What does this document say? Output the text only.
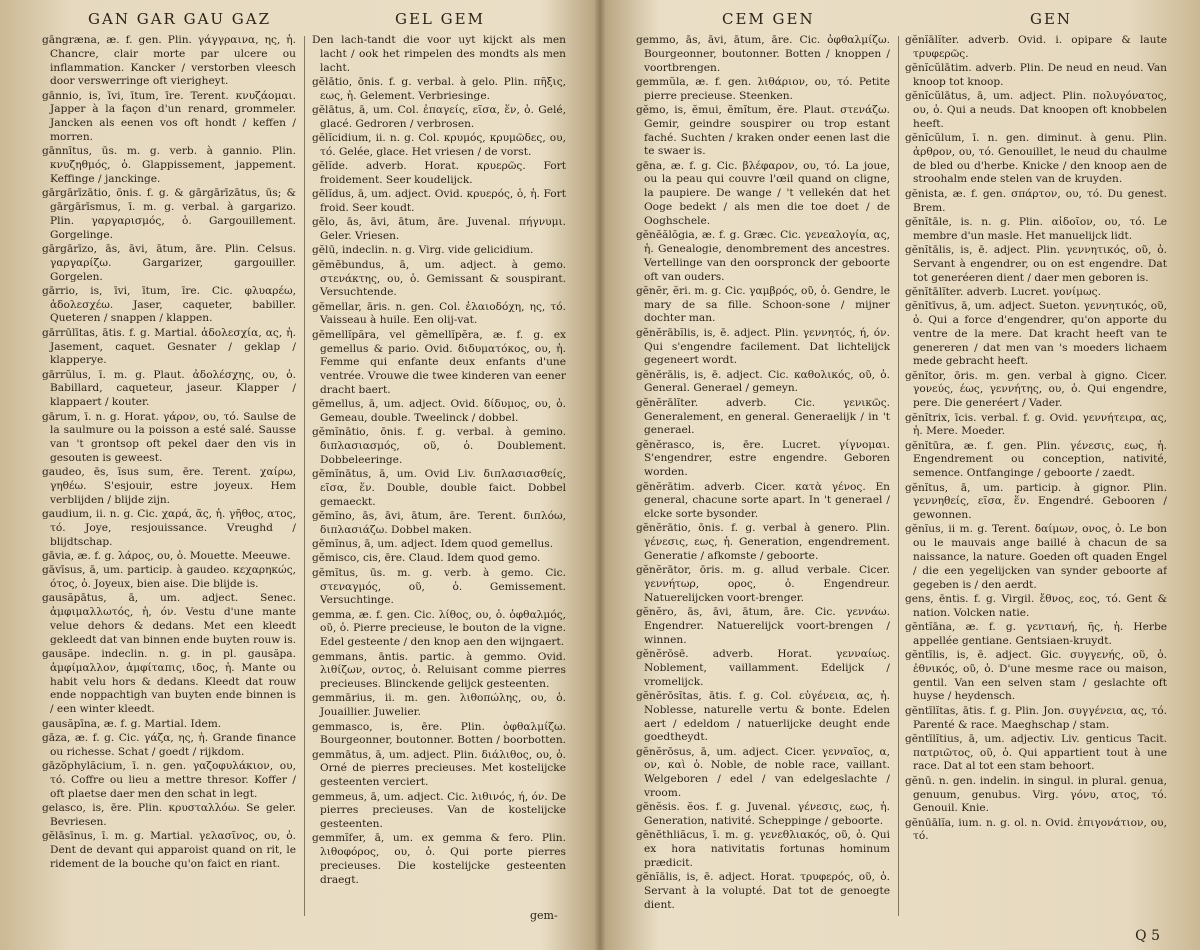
GAN GAR GAU GAZ	GEL GEM

gāngræna, æ. f. gen. Plin. γάγγραινα, ης, ἡ. Chancre, clair morte par ulcere ou inflammation. Kancker / verstorben vleesch door verswerringe oft vierigheyt.

gānnio, is, īvi, ītum, īre. Terent. κνυζάομαι. Japper à la façon d'un renard, grommeler. Jancken als eenen vos oft hondt / keffen / morren.

gānnītus, ūs. m. g. verb. à gannio. Plin. κνυζηθμός, ὁ. Glappissement, jappement. Keffinge / janckinge.

gārgārīzātio, ōnis. f. g. & gārgārīzātus, ūs; & gārgārīsmus, ī. m. g. verbal. à gargarizo. Plin. γαργαρισμός, ὁ. Gargouillement. Gorgelinge.

gārgārīzo, ās, āvi, ātum, āre. Plin. Celsus. γαργαρίζω. Gargarizer, gargouiller. Gorgelen.

gārrio, is, īvi, ītum, īre. Cic. φλυαρέω, ἀδολεσχέω. Jaser, caqueter, babiller. Queteren / snappen / klappen.

gārrūlītas, ātis. f. g. Martial. ἀδολεσχία, ας, ἡ. Jasement, caquet. Gesnater / geklap / klapperye.

gārrŭlus, ī. m. g. Plaut. ἀδολέσχης, ου, ὁ. Babillard, caqueteur, jaseur. Klapper / klappaert / kouter.

gārum, ī. n. g. Horat. γάρον, ου, τό. Saulse de la saulmure ou la poisson a esté salé. Sausse van 't grontsop oft pekel daer den vis in gesouten is geweest.

gaudeo, ēs, īsus sum, ēre. Terent. χαίρω, γηθέω. S'esjouir, estre joyeux. Hem verblijden / blijde zijn.

gaudium, ii. n. g. Cic. χαρά, ᾶς, ἡ. γῆθος, ατος, τό. Joye, resjouissance. Vreughd / blijdtschap.

gāvia, æ. f. g. λάρος, ου, ὁ. Mouette. Meeuwe.

gāvīsus, ā, um. particip. à gaudeo. κεχαρηκώς, ότος, ὁ. Joyeux, bien aise. Die blijde is.

gausăpātus, ā, um. adject. Senec. ἀμφιμαλλωτός, ἡ, όν. Vestu d'une mante velue dehors & dedans. Met een kleedt gekleedt dat van binnen ende buyten rouw is.

gausăpe. indeclin. n. g. in pl. gausăpa. ἀμφίμαλλον, ἀμφίταπις, ιδος, ἡ. Mante ou habit velu hors & dedans. Kleedt dat rouw ende noppachtigh van buyten ende binnen is / een winter kleedt.

gausăpīna, æ. f. g. Martial. Idem.

gāza, æ. f. g. Cic. γάζα, ης, ἡ. Grande finance ou richesse. Schat / goedt / rijkdom.

gāzŏphylăcium, ī. n. gen. γαζοφυλάκιον, ου, τό. Coffre ou lieu a mettre thresor. Koffer / oft plaetse daer men den schat in legt.

gelasco, is, ēre. Plin. κρυσταλλόω. Se geler. Bevriesen.

gĕlāsīnus, ī. m. g. Martial. γελασῖνος, ου, ὁ. Dent de devant qui apparoist quand on rit, le ridement de la bouche qu'on faict en riant.

Den lach-tandt die voor uyt kijckt als men lacht / ook het rimpelen des mondts als men lacht.

gĕlātio, ōnis. f. g. verbal. à gelo. Plin. πῆξις, εως, ἡ. Gelement. Verbriesinge.

gĕlātus, ā, um. Col. ἐπαγείς, εῖσα, ἕν, ὁ. Gelé, glacé. Gedroren / verbrosen.

gĕlĭcidium, ii. n. g. Col. κρυμός, κρυμῶδες, ου, τό. Gelée, glace. Het vriesen / de vorst.

gĕlĭde. adverb. Horat. κρυερῶς. Fort froidement. Seer koudelijck.

gĕlĭdus, ā, um. adject. Ovid. κρυερός, ὁ, ἡ. Fort froid. Seer koudt.

gĕlo, ās, āvi, ātum, āre. Juvenal. πήγνυμι. Geler. Vriesen.

gĕlū, indeclin. n. g. Virg. vide gelicidium.

gĕmĕbundus, ā, um. adject. à gemo. στενάκτης, ου, ὁ. Gemissant & souspirant. Versuchtende.

gĕmellar, āris. n. gen. Col. ἐλαιοδόχη, ης, τό. Vaisseau à huile. Een olij-vat.

gĕmellĭpăra, vel gĕmellĭpĕra, æ. f. g. ex gemellus & pario. Ovid. διδυματόκος, ου, ἡ. Femme qui enfante deux enfants d'une ventrée. Vrouwe die twee kinderen van eener dracht baert.

gĕmellus, ā, um. adject. Ovid. δίδυμος, ου, ὁ. Gemeau, double. Tweelinck / dobbel.

gĕmĭnātio, ōnis. f. g. verbal. à gemino. διπλασιασμός, οῦ, ὁ. Doublement. Dobbeleeringe.

gĕmĭnātus, ā, um. Ovid Liv. διπλασιασθείς, εῖσα, ἕν. Double, double faict. Dobbel gemaeckt.

gĕmĭno, ās, āvi, ātum, āre. Terent. διπλόω, διπλασιάζω. Dobbel maken.

gĕmĭnus, ā, um. adject. Idem quod gemellus.

gĕmisco, cis, ēre. Claud. Idem quod gemo.

gĕmĭtus, ūs. m. g. verb. à gemo. Cic. στεναγμός, οῦ, ὁ. Gemissement. Versuchtinge.

gemma, æ. f. gen. Cic. λίθος, ου, ὁ. ὀφθαλμός, οῦ, ὁ. Pierre precieuse, le bouton de la vigne. Edel gesteente / den knop aen den wijngaert.

gemmans, āntis. partic. à gemmo. Ovid. λιθίζων, οντος, ὁ. Reluisant comme pierres precieuses. Blinckende gelijck gesteenten.

gemmārius, ii. m. gen. λιθοπώλης, ου, ὁ. Jouaillier. Juwelier.

gemmasco, is, ēre. Plin. ὀφθαλμίζω. Bourgeonner, boutonner. Botten / boorbotten.

gemmātus, ā, um. adject. Plin. διάλιθος, ου, ὁ. Orné de pierres precieuses. Met kostelijcke gesteenten verciert.

gemmeus, ā, um. adject. Cic. λιθινός, ή, όν. De pierres precieuses. Van de kostelijcke gesteenten.

gemmĭfer, ā, um. ex gemma & fero. Plin. λιθοφόρος, ου, ὁ. Qui porte pierres precieuses. Die kostelijcke gesteenten draegt.

gem-
CEM GEN	GEN

gemmo, ās, āvi, ātum, āre. Cic. ὀφθαλμίζω. Bourgeonner, boutonner. Botten / knoppen / voortbrengen.

gemmŭla, æ. f. gen. λιθάριον, ου, τό. Petite pierre precieuse. Steenken.

gĕmo, is, ĕmui, ĕmĭtum, ĕre. Plaut. στενάζω. Gemir, geindre souspirer ou trop estant faché. Suchten / kraken onder eenen last die te swaer is.

gēna, æ. f. g. Cic. βλέφαρον, ου, τό. La joue, ou la peau qui couvre l'œil quand on cligne, la paupiere. De wange / 't vellekén dat het Ooge bedekt / als men die toe doet / de Ooghschele.

gĕnĕălŏgia, æ. f. g. Græc. Cic. γενεαλογία, ας, ἡ. Genealogie, denombrement des ancestres. Vertellinge van den oorspronck der geboorte oft van ouders.

gĕnĕr, ĕri. m. g. Cic. γαμβρός, οῦ, ὁ. Gendre, le mary de sa fille. Schoon-sone / mijner dochter man.

gĕnĕrābĭlis, is, ē. adject. Plin. γεννητός, ή, όν. Qui s'engendre facilement. Dat lichtelijck gegeneert wordt.

gĕnĕrālis, is, ē. adject. Cic. καθολικός, οῦ, ὁ. General. Generael / gemeyn.

gĕnĕrālĭter. adverb. Cic. γενικῶς. Generalement, en general. Generaelijk / in 't generael.

gĕnĕrasco, is, ēre. Lucret. γίγνομαι. S'engendrer, estre engendre. Geboren worden.

gĕnĕrātim. adverb. Cicer. κατὰ γένος. En general, chacune sorte apart. In 't generael / elcke sorte bysonder.

gĕnĕrātio, ōnis. f. g. verbal à genero. Plin. γένεσις, εως, ἡ. Generation, engendrement. Generatie / afkomste / geboorte.

gĕnĕrātor, ōris. m. g. allud verbale. Cicer. γεννήτωρ, ορος, ὁ. Engendreur. Natuerelijcken voort-brenger.

gĕnĕro, ās, āvi, ātum, āre. Cic. γεννάω. Engendrer. Natuerelijck voort-brengen / winnen.

gĕnĕrōsē. adverb. Horat. γενναίως. Noblement, vaillamment. Edelijck / vromelijck.

gĕnĕrōsĭtas, ātis. f. g. Col. εὐγένεια, ας, ἡ. Noblesse, naturelle vertu & bonte. Edelen aert / edeldom / natuerlijcke deught ende goedtheydt.

gĕnĕrōsus, ā, um. adject. Cicer. γενναῖος, α, ον, καὶ ὁ. Noble, de noble race, vaillant. Welgeboren / edel / van edelgeslachte / vroom.

gĕnĕsis. ĕos. f. g. Juvenal. γένεσις, εως, ἡ. Generation, nativité. Scheppinge / geboorte.

gĕnĕthliăcus, ī. m. g. γενεθλιακός, οῦ, ὁ. Qui ex hora nativitatis fortunas hominum prædicit.

gĕnĭālis, is, ē. adject. Horat. τρυφερός, οῦ, ὁ. Servant à la volupté. Dat tot de genoegte dient.

gĕnĭālĭter. adverb. Ovid. i. opipare & laute τρυφερῶς.

gĕnĭcŭlātim. adverb. Plin. De neud en neud. Van knoop tot knoop.

gĕnĭcŭlātus, ā, um. adject. Plin. πολυγόνατος, ου, ὁ. Qui a neuds. Dat knoopen oft knobbelen heeft.

gĕnĭcŭlum, ī. n. gen. diminut. à genu. Plin. ἀρθρον, ου, τό. Genouillet, le neud du chaulme de bled ou d'herbe. Knicke / den knoop aen de stroohalm ende stelen van de kruyden.

gĕnista, æ. f. gen. σπάρτον, ου, τό. Du genest. Brem.

gĕnĭtāle, is. n. g. Plin. αἰδοῖον, ου, τό. Le membre d'un masle. Het manuelijck lidt.

gĕnĭtālis, is, ē. adject. Plin. γεννητικός, οῦ, ὁ. Servant à engendrer, ou on est engendre. Dat tot generéeren dient / daer men geboren is.

gĕnĭtālĭter. adverb. Lucret. γονίμως.

gĕnĭtīvus, ā, um. adject. Sueton. γεννητικός, οῦ, ὁ. Qui a force d'engendrer, qu'on apporte du ventre de la mere. Dat kracht heeft van te genereren / dat men van 's moeders lichaem mede gebracht heeft.

gĕnĭtor, ōris. m. gen. verbal à gigno. Cicer. γονεύς, έως, γεννήτης, ου, ὁ. Qui engendre, pere. Die generéert / Vader.

gĕnĭtrix, īcis. verbal. f. g. Ovid. γεννήτειρα, ας, ἡ. Mere. Moeder.

gĕnĭtūra, æ. f. gen. Plin. γένεσις, εως, ἡ. Engendrement ou conception, nativité, semence. Ontfanginge / geboorte / zaedt.

gĕnĭtus, ā, um. particip. à gignor. Plin. γεννηθείς, εῖσα, ἕν. Engendré. Gebooren / gewonnen.

gĕnĭus, ii m. g. Terent. δαίμων, ονος, ὁ. Le bon ou le mauvais ange baillé à chacun de sa naissance, la nature. Goeden oft quaden Engel / die een yegelijcken van synder geboorte af gegeben is / den aerdt.

gens, ēntis. f. g. Virgil. ἔθνος, εος, τό. Gent & nation. Volcken natie.

gĕntĭāna, æ. f. g. γεντιανή, ῆς, ἡ. Herbe appellée gentiane. Gentsiaen-kruydt.

gĕntīlis, is, ē. adject. Gic. συγγενής, οῦ, ὁ. ἐθνικός, οῦ, ὁ. D'une mesme race ou maison, gentil. Van een selven stam / geslachte oft huyse / heydensch.

gĕntīlĭtas, ātis. f. g. Plin. Jon. συγγένεια, ας, τό. Parenté & race. Maeghschap / stam.

gĕntīlĭtius, ā, um. adjectiv. Liv. genticus Tacit. πατριῶτος, οῦ, ὁ. Qui appartient tout à une race. Dat al tot een stam behoort.

gĕnū. n. gen. indelin. in singul. in plural. genua, genuum, genubus. Virg. γόνυ, ατος, τό. Genouil. Knie.

gĕnūālĭa, ium. n. g. ol. n. Ovid. ἐπιγονάτιον, ου, τό.

Q 5
